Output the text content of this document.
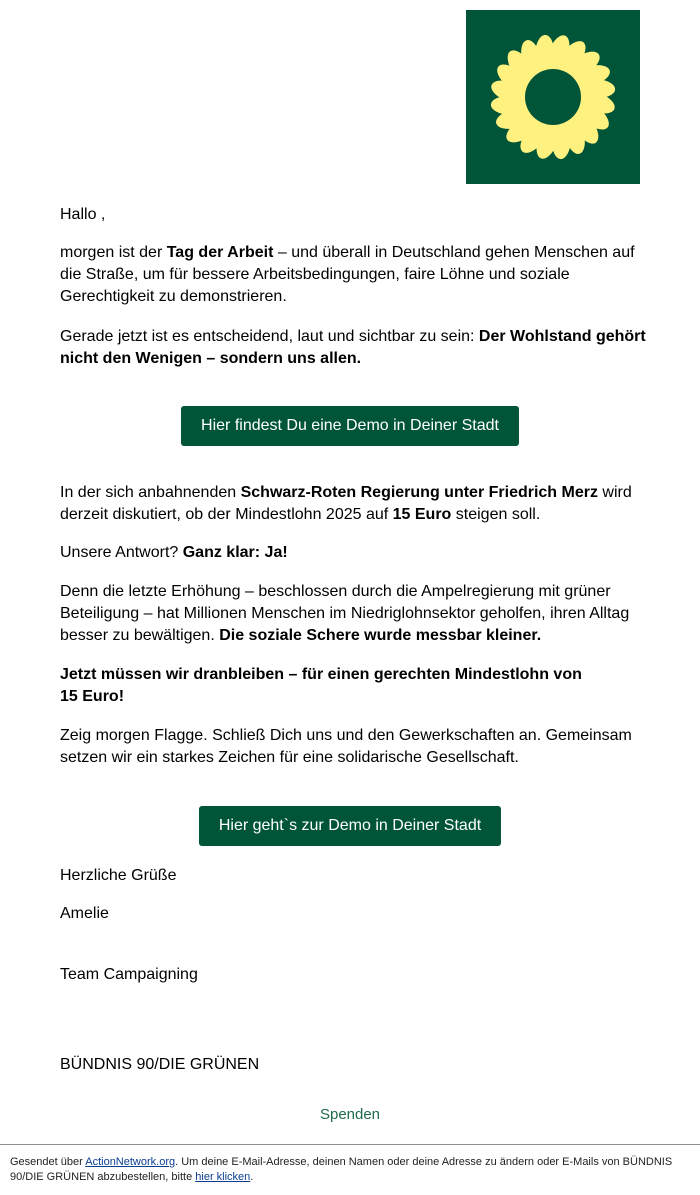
Hallo ,

morgen ist der Tag der Arbeit – und überall in Deutschland gehen Menschen auf die Straße, um für bessere Arbeitsbedingungen, faire Löhne und soziale Gerechtigkeit zu demonstrieren.

Gerade jetzt ist es entscheidend, laut und sichtbar zu sein: Der Wohlstand gehört nicht den Wenigen – sondern uns allen.

In der sich anbahnenden Schwarz-Roten Regierung unter Friedrich Merz wird derzeit diskutiert, ob der Mindestlohn 2025 auf 15 Euro steigen soll.

Unsere Antwort? Ganz klar: Ja!

Denn die letzte Erhöhung – beschlossen durch die Ampelregierung mit grüner Beteiligung – hat Millionen Menschen im Niedriglohnsektor geholfen, ihren Alltag besser zu bewältigen. Die soziale Schere wurde messbar kleiner.

Jetzt müssen wir dranbleiben – für einen gerechten Mindestlohn von 15 Euro!

Zeig morgen Flagge. Schließ Dich uns und den Gewerkschaften an. Gemeinsam setzen wir ein starkes Zeichen für eine solidarische Gesellschaft.

Herzliche Grüße

Amelie

Team Campaigning

BÜNDNIS 90/DIE GRÜNEN

Hier findest Du eine Demo in Deiner Stadt
Hier geht`s zur Demo in Deiner Stadt
Spenden
Gesendet über ActionNetwork.org. Um deine E-Mail-Adresse, deinen Namen oder deine Adresse zu ändern oder E-Mails von BÜNDNIS 90/DIE GRÜNEN abzubestellen, bitte hier klicken.
